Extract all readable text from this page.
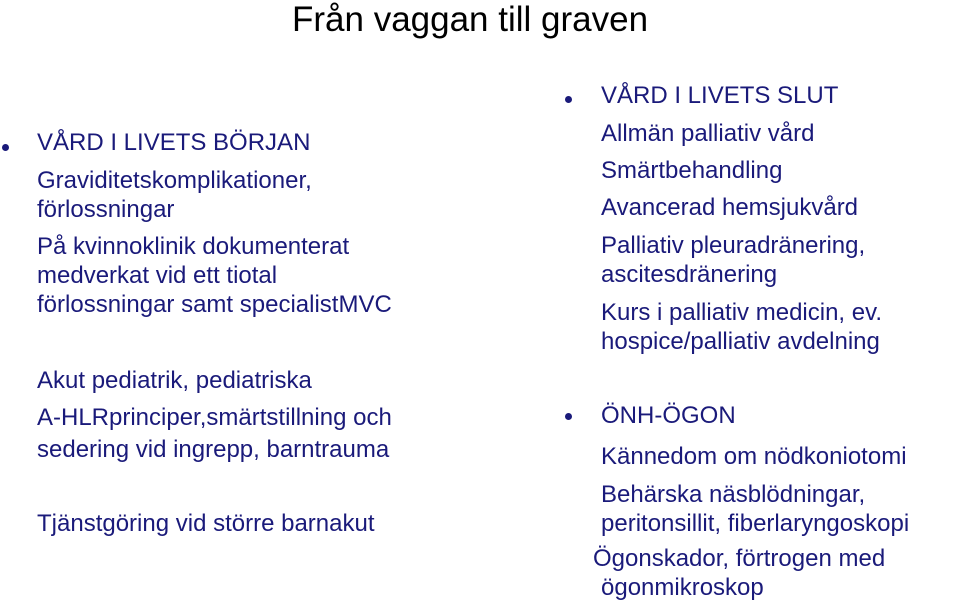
Från vaggan till graven
VÅRD I LIVETS BÖRJAN
Graviditetskomplikationer,
förlossningar
På kvinnoklinik dokumenterat
medverkat vid ett tiotal
förlossningar samt specialistMVC
Akut pediatrik, pediatriska
A-HLRprinciper,smärtstillning och
sedering vid ingrepp, barntrauma
Tjänstgöring vid större barnakut
VÅRD I LIVETS SLUT
Allmän palliativ vård
Smärtbehandling
Avancerad hemsjukvård
Palliativ pleuradränering,
ascitesdränering
Kurs i palliativ medicin, ev.
hospice/palliativ avdelning
ÖNH-ÖGON
Kännedom om nödkoniotomi
Behärska näsblödningar,
peritonsillit, fiberlaryngoskopi
Ögonskador, förtrogen med
ögonmikroskop
